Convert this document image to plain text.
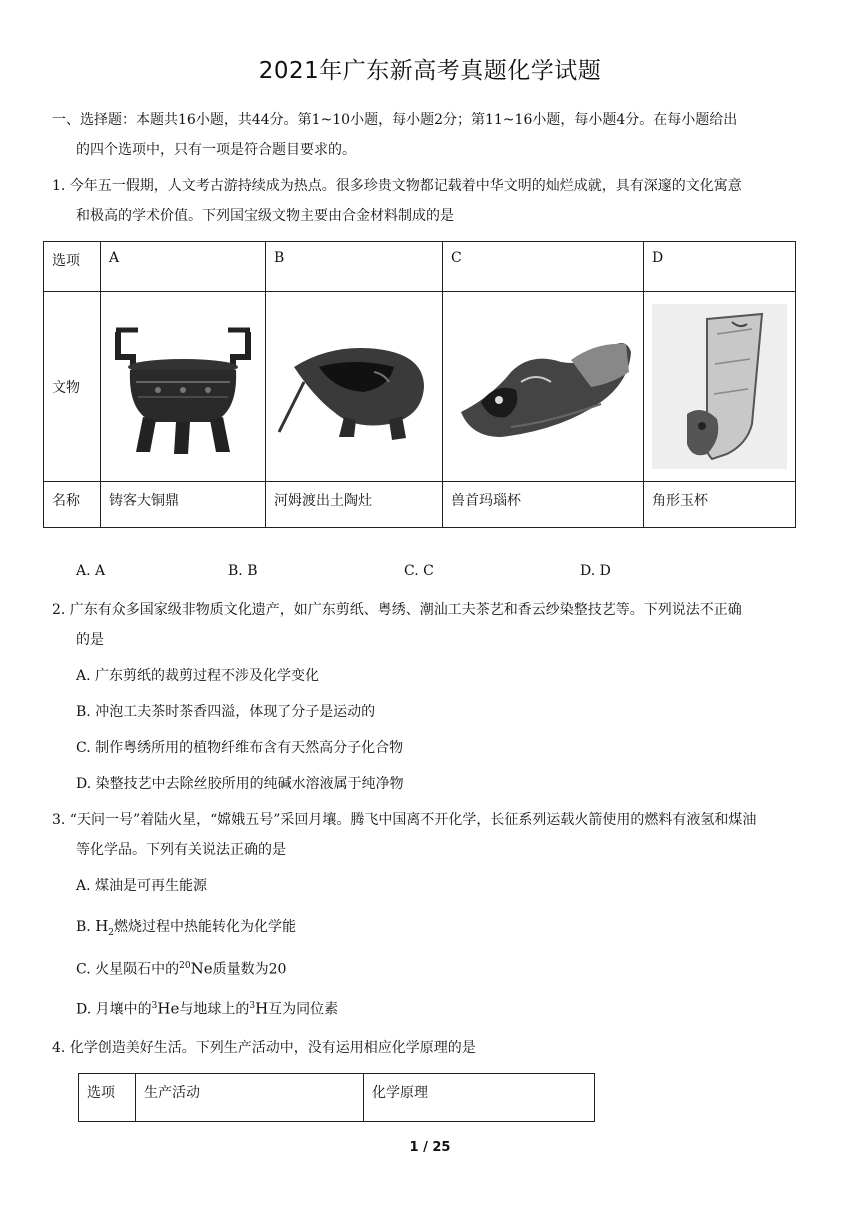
2021年广东新高考真题化学试题
一、选择题：本题共16小题，共44分。第1~10小题，每小题2分；第11~16小题，每小题4分。在每小题给出
的四个选项中，只有一项是符合题目要求的。
1. 今年五一假期，人文考古游持续成为热点。很多珍贵文物都记载着中华文明的灿烂成就，具有深邃的文化寓意
和极高的学术价值。下列国宝级文物主要由合金材料制成的是
选项	A	B	C	D
文物	

名称	铸客大铜鼎	河姆渡出土陶灶	兽首玛瑙杯	角形玉杯
A. A	B. B	C. C	D. D
2. 广东有众多国家级非物质文化遗产，如广东剪纸、粤绣、潮汕工夫茶艺和香云纱染整技艺等。下列说法不正确
的是
A. 广东剪纸的裁剪过程不涉及化学变化
B. 冲泡工夫茶时茶香四溢，体现了分子是运动的
C. 制作粤绣所用的植物纤维布含有天然高分子化合物
D. 染整技艺中去除丝胶所用的纯碱水溶液属于纯净物
3. “天问一号”着陆火星，“嫦娥五号”采回月壤。腾飞中国离不开化学，长征系列运载火箭使用的燃料有液氢和煤油
等化学品。下列有关说法正确的是
A. 煤油是可再生能源
B. $H_2$燃烧过程中热能转化为化学能
C. 火星陨石中的$^{20}$Ne质量数为20
D. 月壤中的$^3$He与地球上的$^3$H互为同位素
4. 化学创造美好生活。下列生产活动中，没有运用相应化学原理的是
选项	生产活动	化学原理
1 / 25
